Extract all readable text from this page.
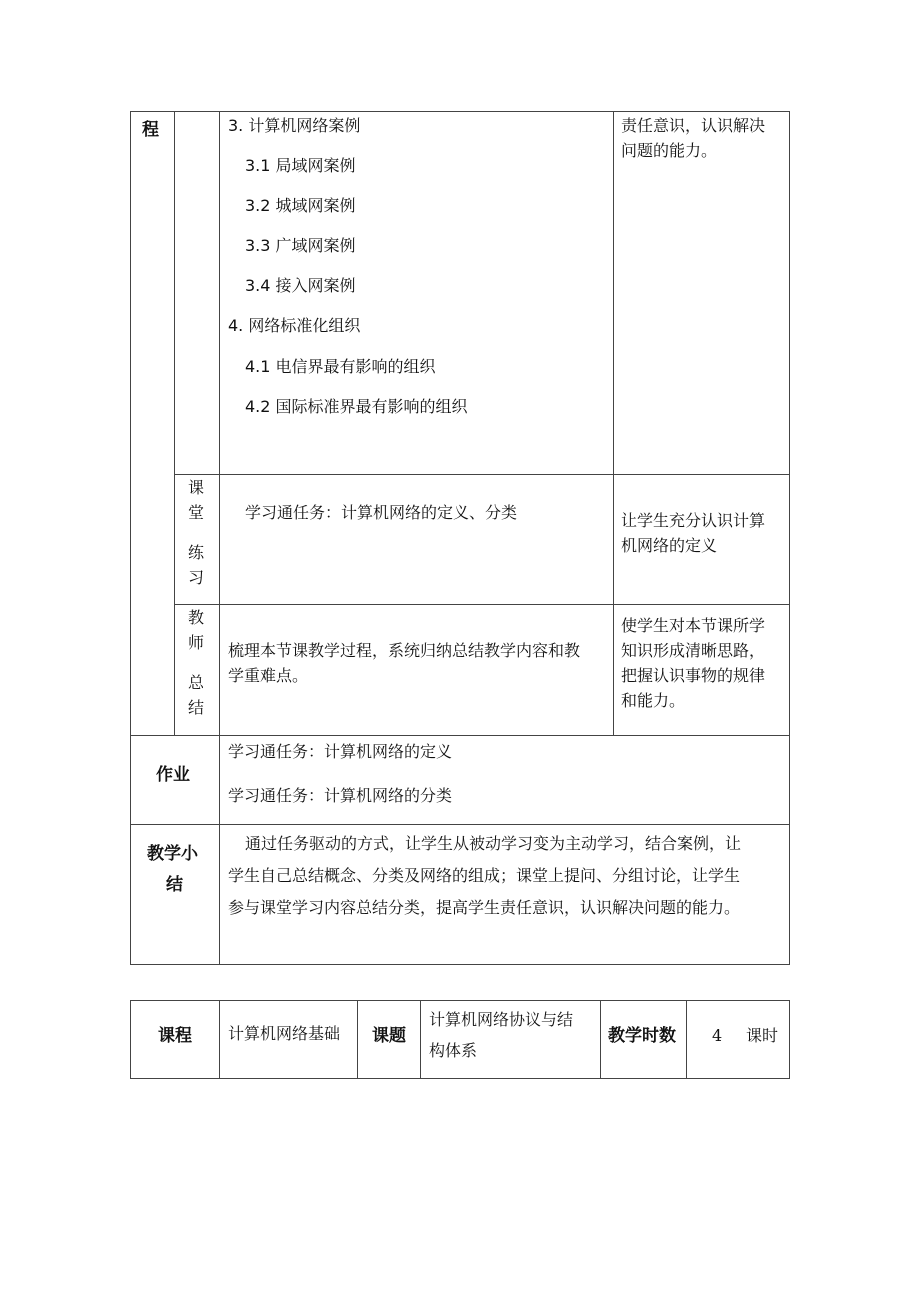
程
作业
教学小
结
课
堂
练
习
教
师
总
结
3. 计算机网络案例
3.1 局域网案例
3.2 城域网案例
3.3 广域网案例
3.4 接入网案例
4. 网络标准化组织
4.1 电信界最有影响的组织
4.2 国际标准界最有影响的组织
责任意识，认识解决
问题的能力。
学习通任务：计算机网络的定义、分类	让学生充分认识计算
机网络的定义
梳理本节课教学过程，系统归纳总结教学内容和教
学重难点。
使学生对本节课所学
知识形成清晰思路，
把握认识事物的规律
和能力。
学习通任务：计算机网络的定义
学习通任务：计算机网络的分类
通过任务驱动的方式，让学生从被动学习变为主动学习，结合案例，让
学生自己总结概念、分类及网络的组成；课堂上提问、分组讨论，让学生
参与课堂学习内容总结分类，提高学生责任意识，认识解决问题的能力。
课程 计算机网络基础 课题
计算机网络协议与结
构体系
教学时数 4 课时
